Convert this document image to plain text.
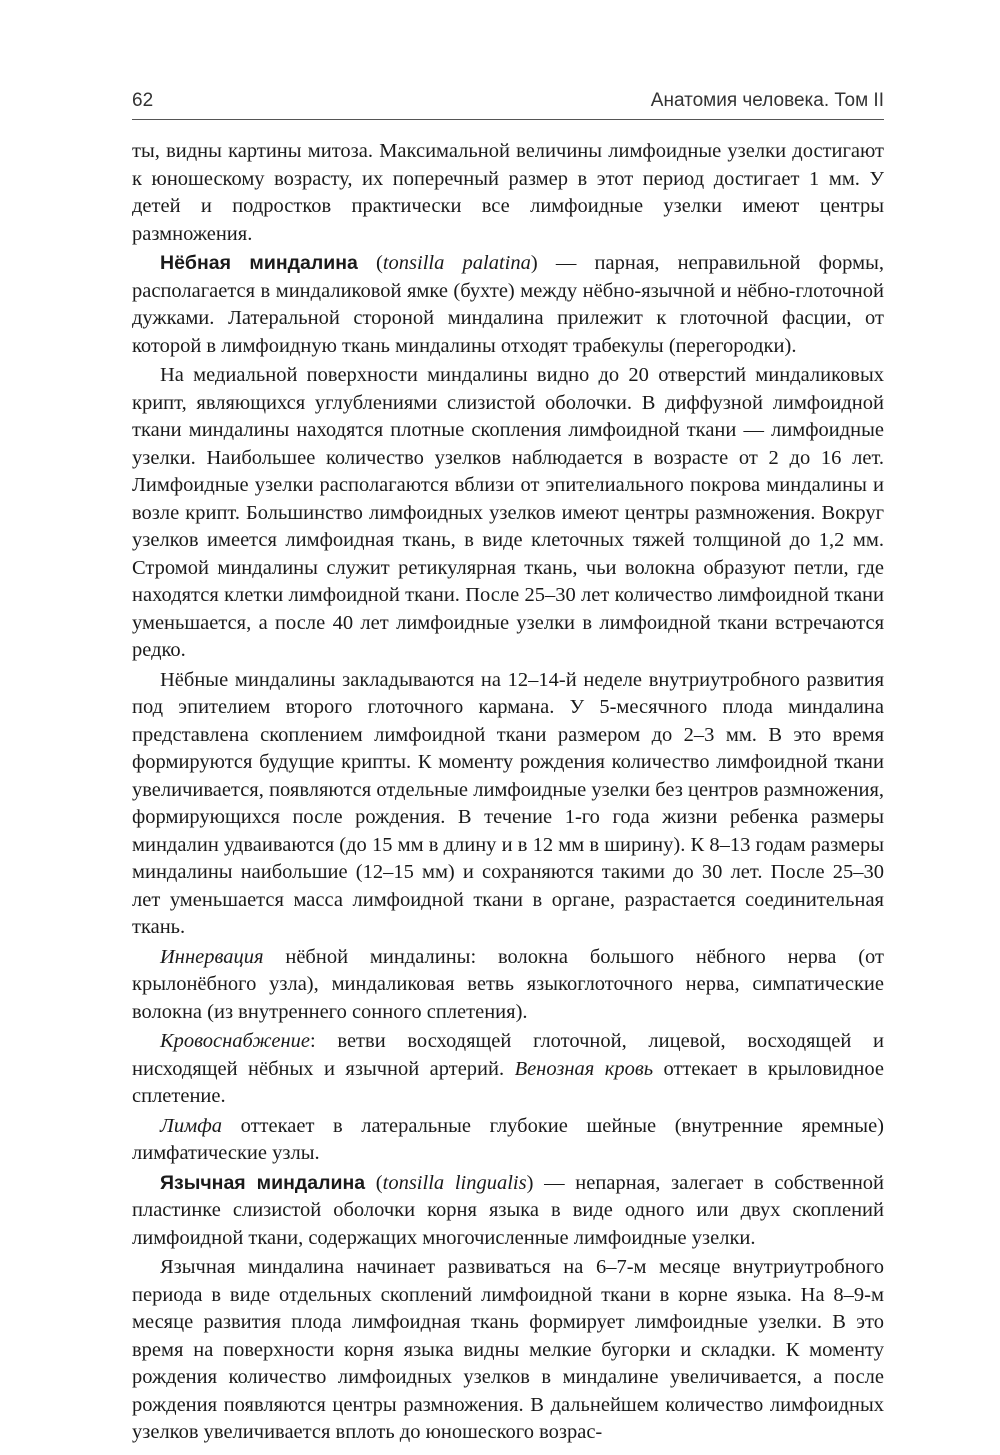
62	Анатомия человека. Том II

ты, видны картины митоза. Максимальной величины лимфоидные узелки достигают к юношескому возрасту, их поперечный размер в этот период достигает 1 мм. У детей и подростков практически все лимфоидные узелки имеют центры размножения.

Нёбная миндалина (tonsilla palatina) — парная, неправильной формы, располагается в миндаликовой ямке (бухте) между нёбно-язычной и нёбно-глоточной дужками. Латеральной стороной миндалина прилежит к глоточной фасции, от которой в лимфоидную ткань миндалины отходят трабекулы (перегородки).

На медиальной поверхности миндалины видно до 20 отверстий миндаликовых крипт, являющихся углублениями слизистой оболочки. В диффузной лимфоидной ткани миндалины находятся плотные скопления лимфоидной ткани — лимфоидные узелки. Наибольшее количество узелков наблюдается в возрасте от 2 до 16 лет. Лимфоидные узелки располагаются вблизи от эпителиального покрова миндалины и возле крипт. Большинство лимфоидных узелков имеют центры размножения. Вокруг узелков имеется лимфоидная ткань, в виде клеточных тяжей толщиной до 1,2 мм. Стромой миндалины служит ретикулярная ткань, чьи волокна образуют петли, где находятся клетки лимфоидной ткани. После 25–30 лет количество лимфоидной ткани уменьшается, а после 40 лет лимфоидные узелки в лимфоидной ткани встречаются редко.

Нёбные миндалины закладываются на 12–14-й неделе внутриутробного развития под эпителием второго глоточного кармана. У 5-месячного плода миндалина представлена скоплением лимфоидной ткани размером до 2–3 мм. В это время формируются будущие крипты. К моменту рождения количество лимфоидной ткани увеличивается, появляются отдельные лимфоидные узелки без центров размножения, формирующихся после рождения. В течение 1-го года жизни ребенка размеры миндалин удваиваются (до 15 мм в длину и в 12 мм в ширину). К 8–13 годам размеры миндалины наибольшие (12–15 мм) и сохраняются такими до 30 лет. После 25–30 лет уменьшается масса лимфоидной ткани в органе, разрастается соединительная ткань.

Иннервация нёбной миндалины: волокна большого нёбного нерва (от крылонёбного узла), миндаликовая ветвь языкоглоточного нерва, симпатические волокна (из внутреннего сонного сплетения).

Кровоснабжение: ветви восходящей глоточной, лицевой, восходящей и нисходящей нёбных и язычной артерий. Венозная кровь оттекает в крыловидное сплетение.

Лимфа оттекает в латеральные глубокие шейные (внутренние яремные) лимфатические узлы.

Язычная миндалина (tonsilla lingualis) — непарная, залегает в собственной пластинке слизистой оболочки корня языка в виде одного или двух скоплений лимфоидной ткани, содержащих многочисленные лимфоидные узелки.

Язычная миндалина начинает развиваться на 6–7-м месяце внутриутробного периода в виде отдельных скоплений лимфоидной ткани в корне языка. На 8–9-м месяце развития плода лимфоидная ткань формирует лимфоидные узелки. В это время на поверхности корня языка видны мелкие бугорки и складки. К моменту рождения количество лимфоидных узелков в миндалине увеличивается, а после рождения появляются центры размножения. В дальнейшем количество лимфоидных узелков увеличивается вплоть до юношеского возрас-
